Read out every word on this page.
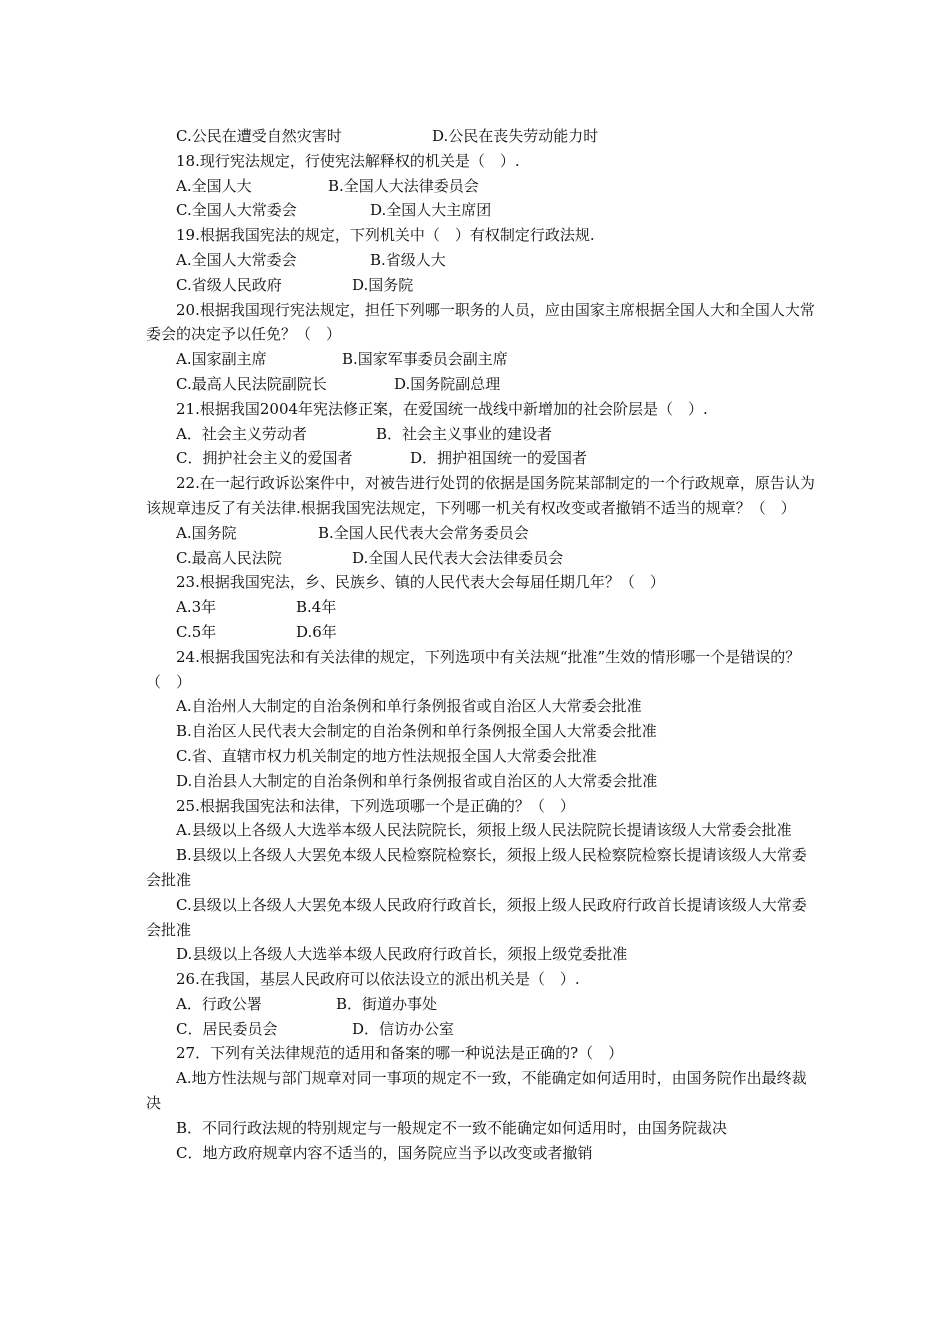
C.公民在遭受自然灾害时	D.公民在丧失劳动能力时
18.现行宪法规定，行使宪法解释权的机关是（　）.
A.全国人大	B.全国人大法律委员会
C.全国人大常委会	D.全国人大主席团
19.根据我国宪法的规定，下列机关中（　）有权制定行政法规.
A.全国人大常委会	B.省级人大
C.省级人民政府	D.国务院
20.根据我国现行宪法规定，担任下列哪一职务的人员，应由国家主席根据全国人大和全国人大常委会的决定予以任免？（　）
A.国家副主席	B.国家军事委员会副主席
C.最高人民法院副院长	D.国务院副总理
21.根据我国2004年宪法修正案，在爱国统一战线中新增加的社会阶层是（　）.
A．社会主义劳动者	B．社会主义事业的建设者
C．拥护社会主义的爱国者	D．拥护祖国统一的爱国者
22.在一起行政诉讼案件中，对被告进行处罚的依据是国务院某部制定的一个行政规章，原告认为该规章违反了有关法律.根据我国宪法规定，下列哪一机关有权改变或者撤销不适当的规章？（　）
A.国务院	B.全国人民代表大会常务委员会
C.最高人民法院	D.全国人民代表大会法律委员会
23.根据我国宪法，乡、民族乡、镇的人民代表大会每届任期几年？（　）
A.3年	B.4年
C.5年	D.6年
24.根据我国宪法和有关法律的规定，下列选项中有关法规“批准”生效的情形哪一个是错误的？（　）
A.自治州人大制定的自治条例和单行条例报省或自治区人大常委会批准
B.自治区人民代表大会制定的自治条例和单行条例报全国人大常委会批准
C.省、直辖市权力机关制定的地方性法规报全国人大常委会批准
D.自治县人大制定的自治条例和单行条例报省或自治区的人大常委会批准
25.根据我国宪法和法律，下列选项哪一个是正确的？（　）
A.县级以上各级人大选举本级人民法院院长，须报上级人民法院院长提请该级人大常委会批准
B.县级以上各级人大罢免本级人民检察院检察长，须报上级人民检察院检察长提请该级人大常委会批准
C.县级以上各级人大罢免本级人民政府行政首长，须报上级人民政府行政首长提请该级人大常委会批准
D.县级以上各级人大选举本级人民政府行政首长，须报上级党委批准
26.在我国，基层人民政府可以依法设立的派出机关是（　）.
A．行政公署	B．街道办事处
C．居民委员会	D．信访办公室
27．下列有关法律规范的适用和备案的哪一种说法是正确的?（　）
A.地方性法规与部门规章对同一事项的规定不一致，不能确定如何适用时，由国务院作出最终裁决
B．不同行政法规的特别规定与一般规定不一致不能确定如何适用时，由国务院裁决
C．地方政府规章内容不适当的，国务院应当予以改变或者撤销
